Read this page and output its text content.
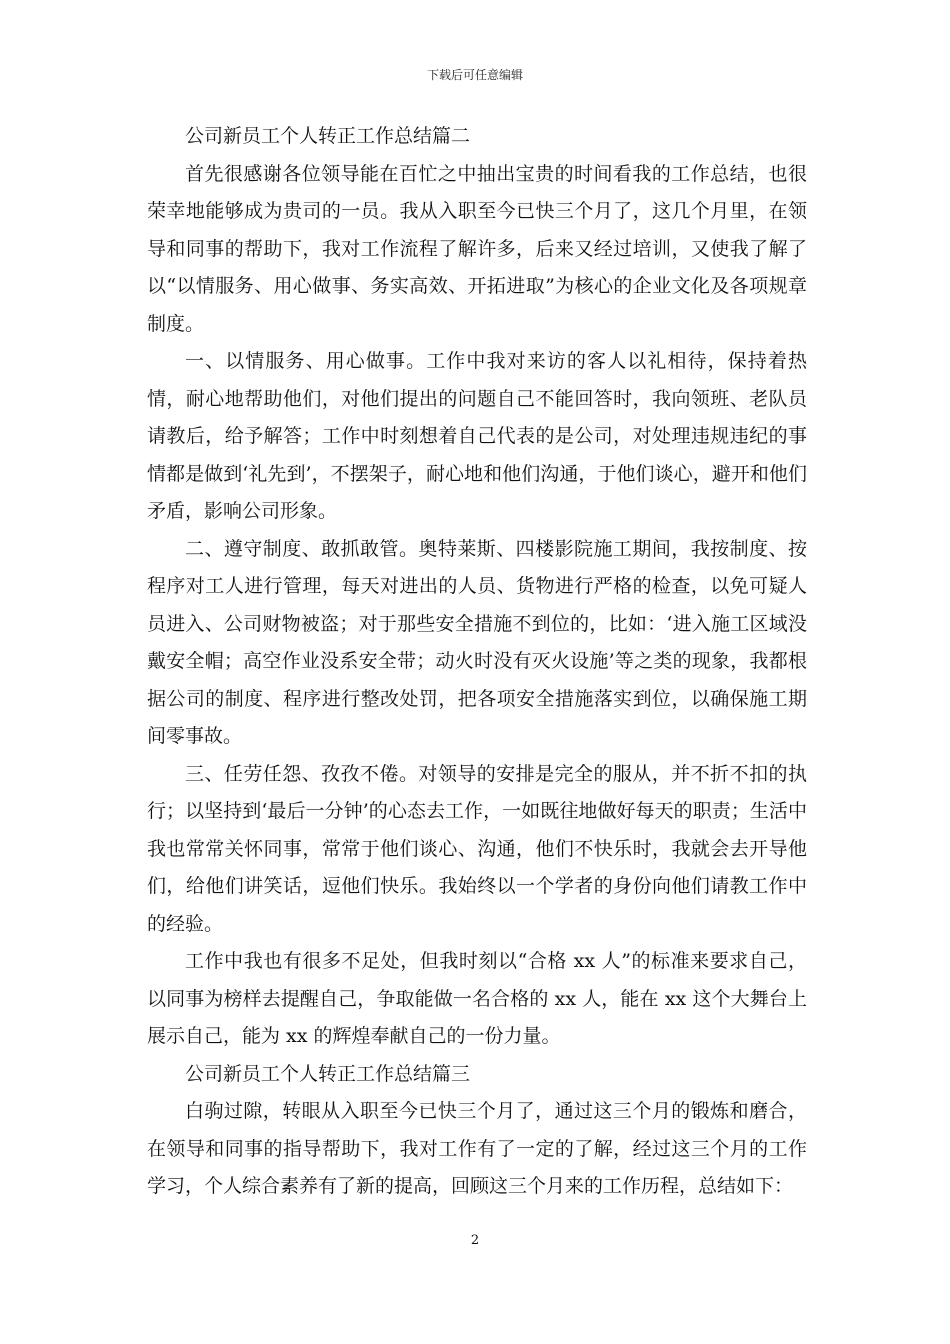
下载后可任意编辑

公司新员工个人转正工作总结篇二

首先很感谢各位领导能在百忙之中抽出宝贵的时间看我的工作总结，也很荣幸地能够成为贵司的一员。我从入职至今已快三个月了，这几个月里，在领导和同事的帮助下，我对工作流程了解许多，后来又经过培训，又使我了解了以“以情服务、用心做事、务实高效、开拓进取”为核心的企业文化及各项规章制度。

一、以情服务、用心做事。工作中我对来访的客人以礼相待，保持着热情，耐心地帮助他们，对他们提出的问题自己不能回答时，我向领班、老队员请教后，给予解答；工作中时刻想着自己代表的是公司，对处理违规违纪的事情都是做到‘礼先到’，不摆架子，耐心地和他们沟通，于他们谈心，避开和他们矛盾，影响公司形象。

二、遵守制度、敢抓敢管。奥特莱斯、四楼影院施工期间，我按制度、按程序对工人进行管理，每天对进出的人员、货物进行严格的检查，以免可疑人员进入、公司财物被盗；对于那些安全措施不到位的，比如：‘进入施工区域没戴安全帽；高空作业没系安全带；动火时没有灭火设施’等之类的现象，我都根据公司的制度、程序进行整改处罚，把各项安全措施落实到位，以确保施工期间零事故。

三、任劳任怨、孜孜不倦。对领导的安排是完全的服从，并不折不扣的执行；以坚持到‘最后一分钟’的心态去工作，一如既往地做好每天的职责；生活中我也常常关怀同事，常常于他们谈心、沟通，他们不快乐时，我就会去开导他们，给他们讲笑话，逗他们快乐。我始终以一个学者的身份向他们请教工作中的经验。

工作中我也有很多不足处，但我时刻以“合格 xx 人”的标准来要求自己，以同事为榜样去提醒自己，争取能做一名合格的 xx 人，能在 xx 这个大舞台上展示自己，能为 xx 的辉煌奉献自己的一份力量。

公司新员工个人转正工作总结篇三

白驹过隙，转眼从入职至今已快三个月了，通过这三个月的锻炼和磨合，在领导和同事的指导帮助下，我对工作有了一定的了解，经过这三个月的工作学习，个人综合素养有了新的提高，回顾这三个月来的工作历程，总结如下：

2
